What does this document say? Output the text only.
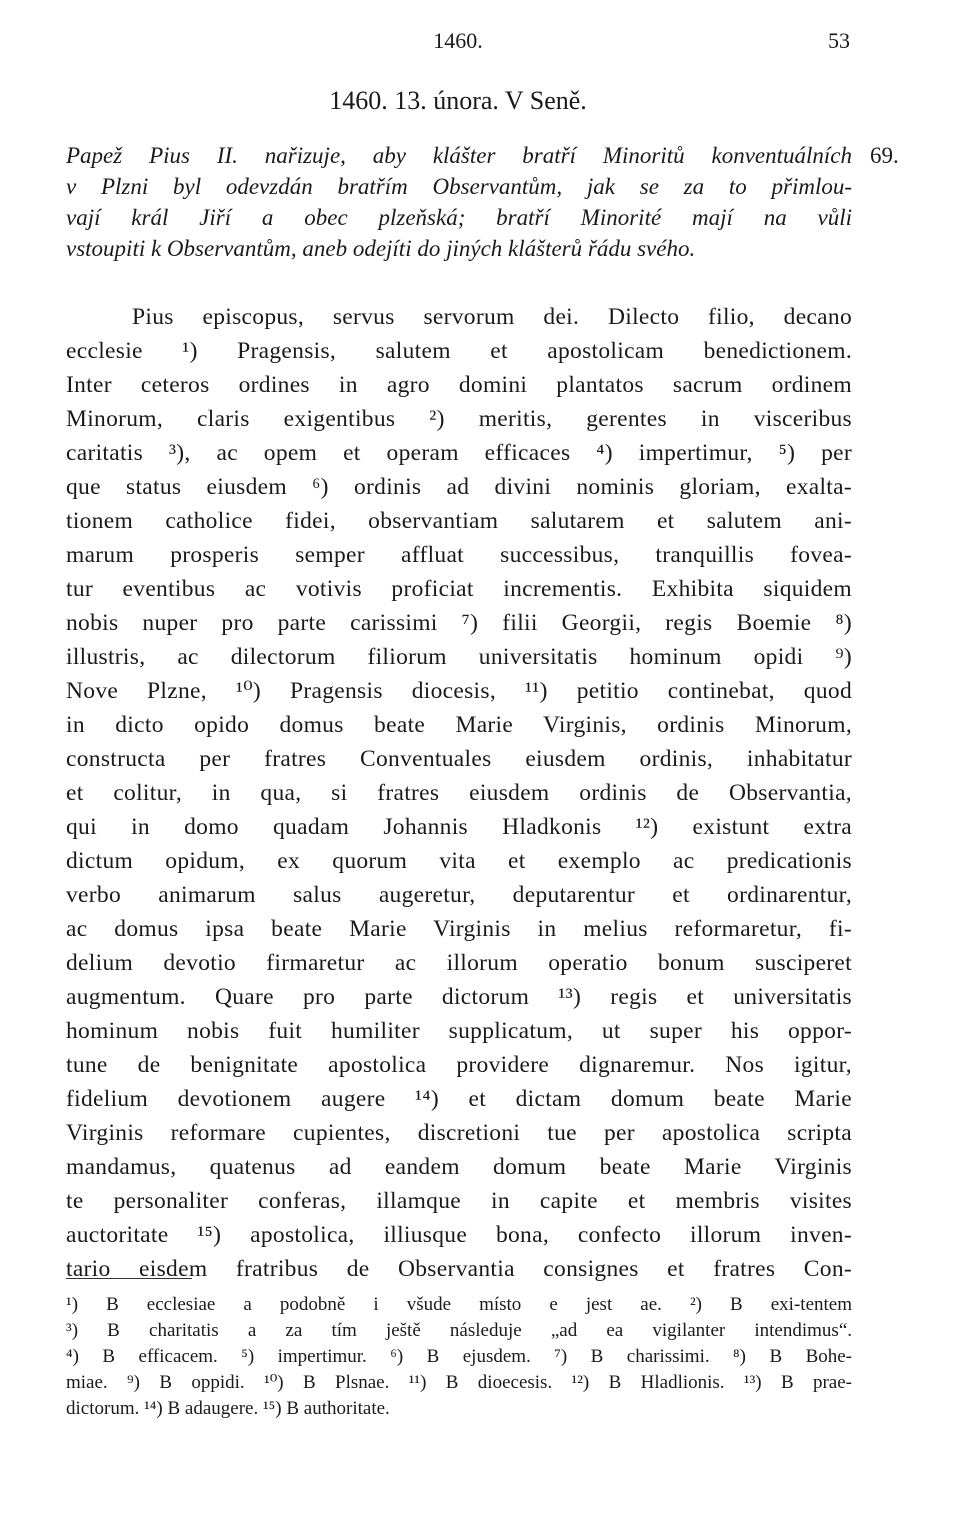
1460.	53
1460. 13. února. V Seně.
69.
Papež Pius II. nařizuje, aby klášter bratří Minoritů konventuálních
v Plzni byl odevzdán bratřím Observantům, jak se za to přimlou-
vají král Jiří a obec plzeňská; bratří Minorité mají na vůli
vstoupiti k Observantům, aneb odejíti do jiných klášterů řádu svého.
Pius episcopus, servus servorum dei. Dilecto filio, decano
ecclesie ¹) Pragensis, salutem et apostolicam benedictionem.
Inter ceteros ordines in agro domini plantatos sacrum ordinem
Minorum, claris exigentibus ²) meritis, gerentes in visceribus
caritatis ³), ac opem et operam efficaces ⁴) impertimur, ⁵) per
que status eiusdem ⁶) ordinis ad divini nominis gloriam, exalta-
tionem catholice fidei, observantiam salutarem et salutem ani-
marum prosperis semper affluat successibus, tranquillis fovea-
tur eventibus ac votivis proficiat incrementis. Exhibita siquidem
nobis nuper pro parte carissimi ⁷) filii Georgii, regis Boemie ⁸)
illustris, ac dilectorum filiorum universitatis hominum opidi ⁹)
Nove Plzne, ¹⁰) Pragensis diocesis, ¹¹) petitio continebat, quod
in dicto opido domus beate Marie Virginis, ordinis Minorum,
constructa per fratres Conventuales eiusdem ordinis, inhabitatur
et colitur, in qua, si fratres eiusdem ordinis de Observantia,
qui in domo quadam Johannis Hladkonis ¹²) existunt extra
dictum opidum, ex quorum vita et exemplo ac predicationis
verbo animarum salus augeretur, deputarentur et ordinarentur,
ac domus ipsa beate Marie Virginis in melius reformaretur, fi-
delium devotio firmaretur ac illorum operatio bonum susciperet
augmentum. Quare pro parte dictorum ¹³) regis et universitatis
hominum nobis fuit humiliter supplicatum, ut super his oppor-
tune de benignitate apostolica providere dignaremur. Nos igitur,
fidelium devotionem augere ¹⁴) et dictam domum beate Marie
Virginis reformare cupientes, discretioni tue per apostolica scripta
mandamus, quatenus ad eandem domum beate Marie Virginis
te personaliter conferas, illamque in capite et membris visites
auctoritate ¹⁵) apostolica, illiusque bona, confecto illorum inven-
tario eisdem fratribus de Observantia consignes et fratres Con-
¹) B ecclesiae a podobně i všude místo e jest ae. ²) B exi-tentem
³) B charitatis a za tím ještě následuje „ad ea vigilanter intendimus“.
⁴) B efficacem. ⁵) impertimur. ⁶) B ejusdem. ⁷) B charissimi. ⁸) B Bohe-
miae. ⁹) B oppidi. ¹⁰) B Plsnae. ¹¹) B dioecesis. ¹²) B Hladlionis. ¹³) B prae-
dictorum. ¹⁴) B adaugere. ¹⁵) B authoritate.
